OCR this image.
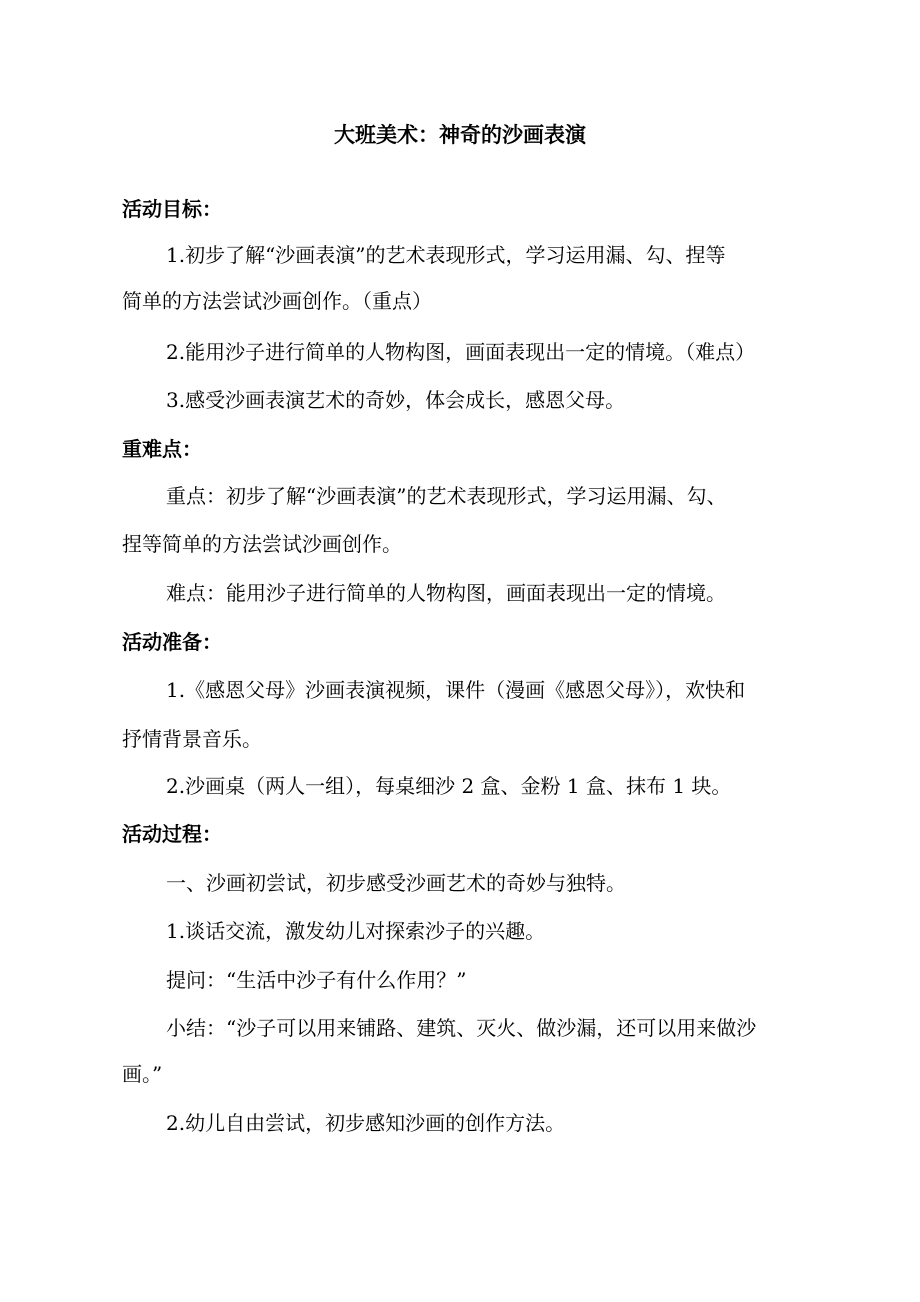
大班美术：神奇的沙画表演
活动目标：
1.初步了解“沙画表演”的艺术表现形式，学习运用漏、勾、捏等
简单的方法尝试沙画创作。（重点）
2.能用沙子进行简单的人物构图，画面表现出一定的情境。（难点）
3.感受沙画表演艺术的奇妙，体会成长，感恩父母。
重难点：
重点：初步了解“沙画表演”的艺术表现形式，学习运用漏、勾、
捏等简单的方法尝试沙画创作。
难点：能用沙子进行简单的人物构图，画面表现出一定的情境。
活动准备：
1.《感恩父母》沙画表演视频，课件（漫画《感恩父母》），欢快和
抒情背景音乐。
2.沙画桌（两人一组），每桌细沙 2 盒、金粉 1 盒、抹布 1 块。
活动过程：
一、沙画初尝试，初步感受沙画艺术的奇妙与独特。
1.谈话交流，激发幼儿对探索沙子的兴趣。
提问：“生活中沙子有什么作用？”
小结：“沙子可以用来铺路、建筑、灭火、做沙漏，还可以用来做沙
画。”
2.幼儿自由尝试，初步感知沙画的创作方法。
